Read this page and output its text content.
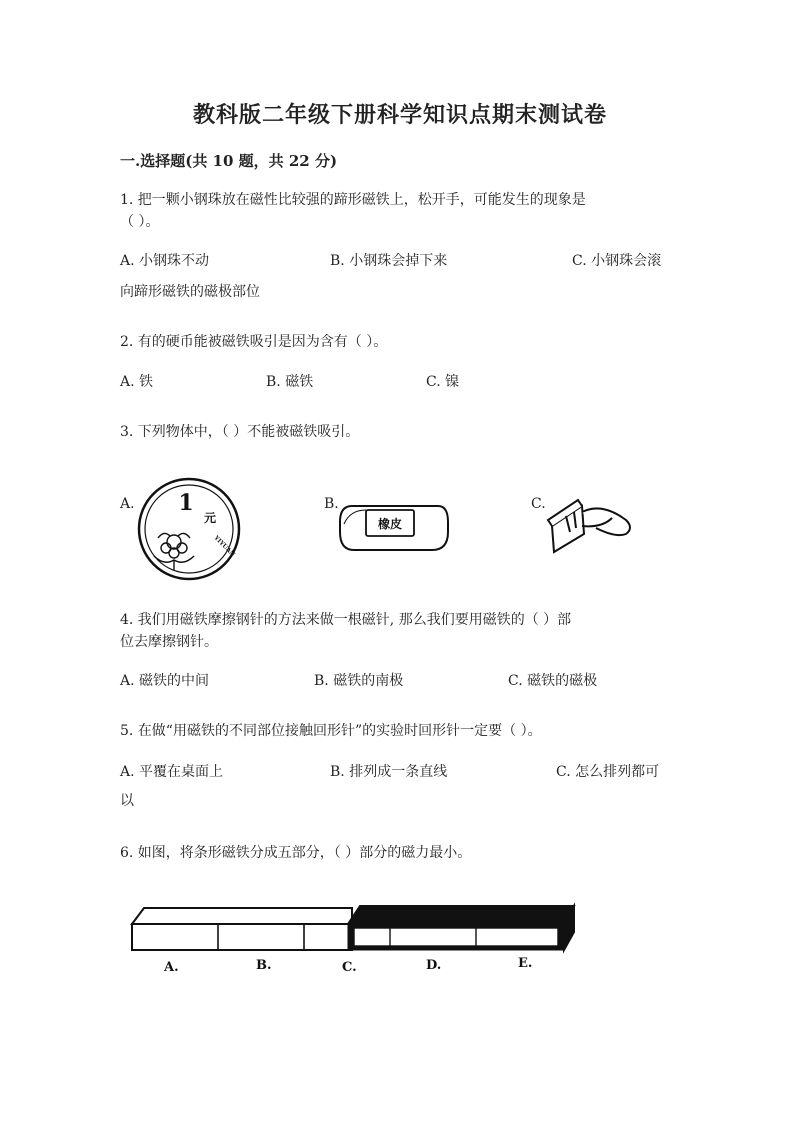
教科版二年级下册科学知识点期末测试卷
一.选择题(共 10 题，共 22 分)
1. 把一颗小钢珠放在磁性比较强的蹄形磁铁上，松开手，可能发生的现象是
（ ）。
A. 小钢珠不动	B. 小钢珠会掉下来	C. 小钢珠会滚
向蹄形磁铁的磁极部位
2. 有的硬币能被磁铁吸引是因为含有（ ）。
A. 铁	B. 磁铁	C. 镍
3. 下列物体中，（ ）不能被磁铁吸引。
A.	B.	C.
1
元
YIYUAN
橡皮
4. 我们用磁铁摩擦钢针的方法来做一根磁针, 那么我们要用磁铁的（ ）部
位去摩擦钢针。
A. 磁铁的中间	B. 磁铁的南极	C. 磁铁的磁极
5. 在做“用磁铁的不同部位接触回形针”的实验时回形针一定要（ ）。
A. 平覆在桌面上	B. 排列成一条直线	C. 怎么排列都可
以
6. 如图，将条形磁铁分成五部分，（ ）部分的磁力最小。
A.	B.	C.	D.	E.
